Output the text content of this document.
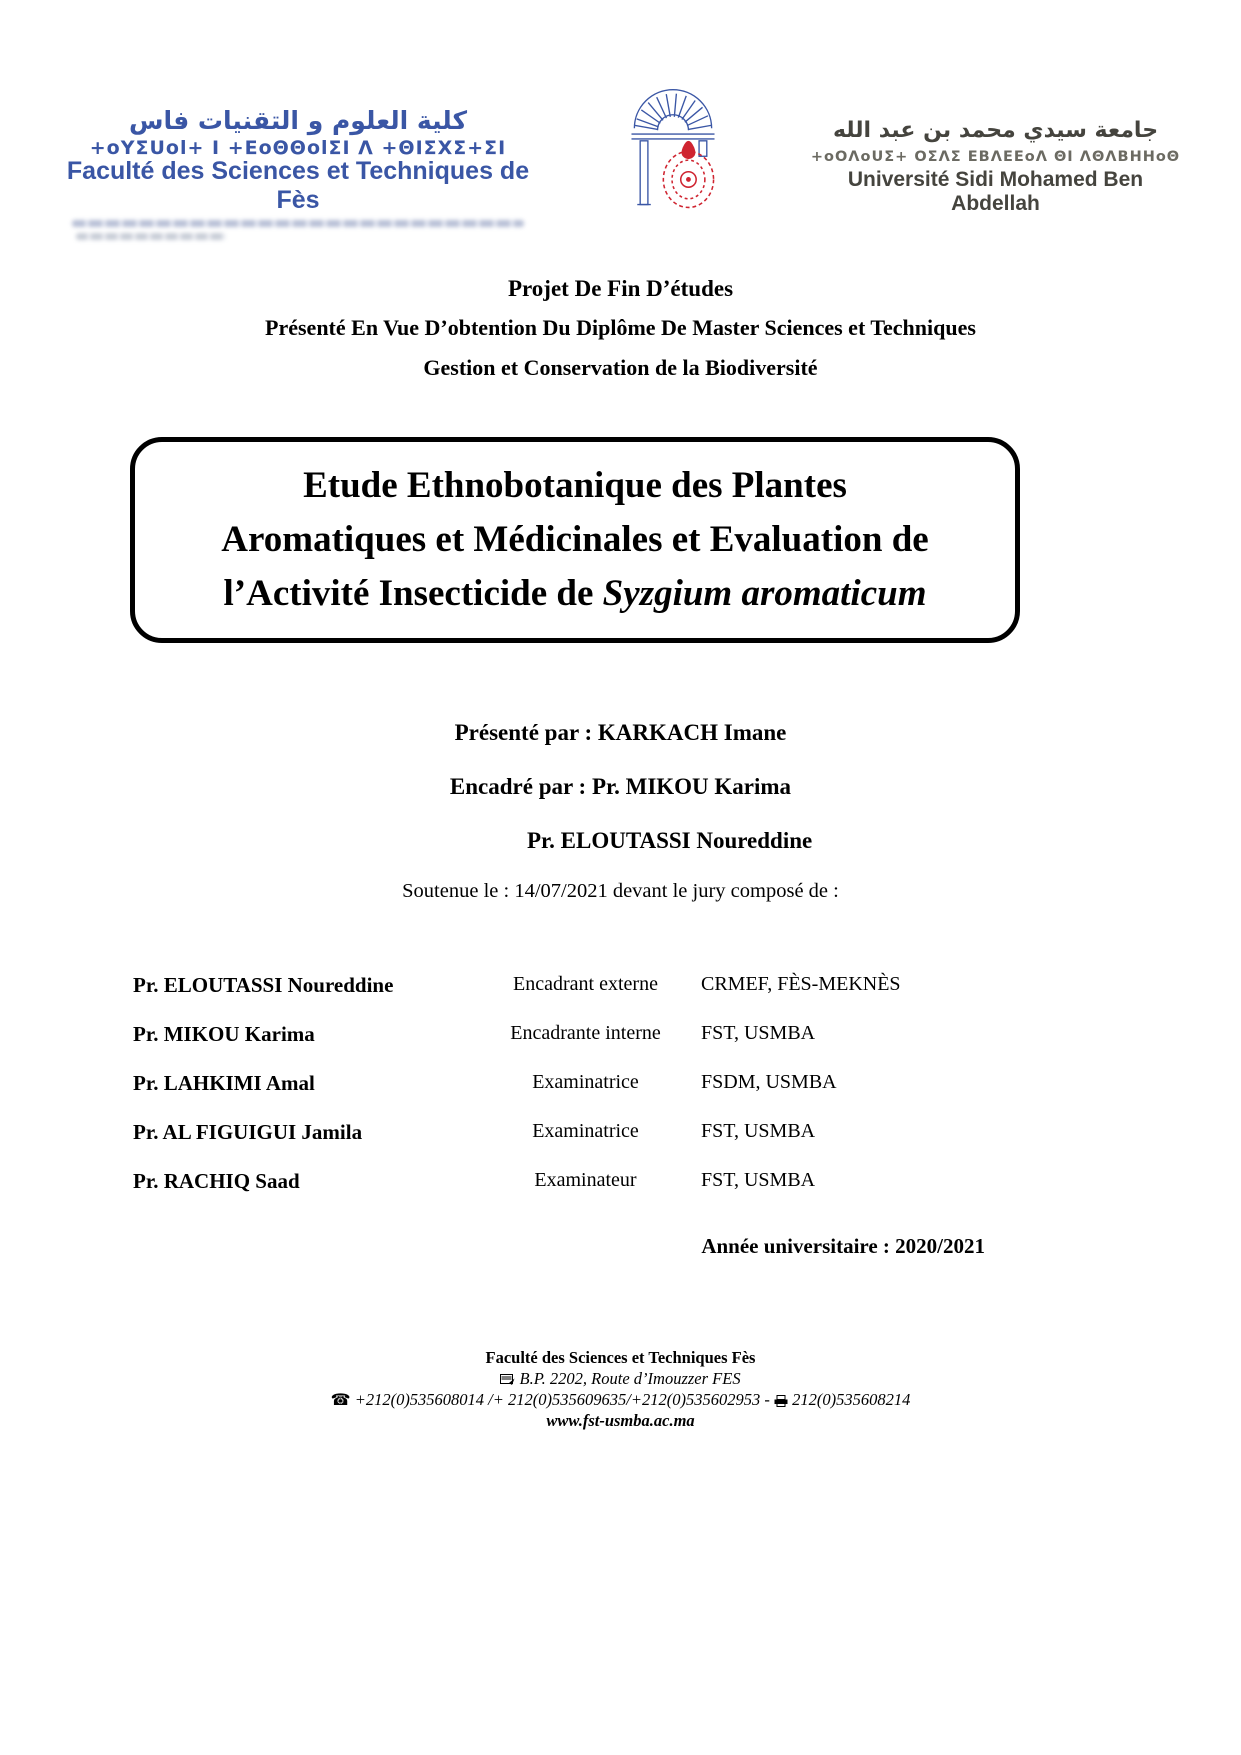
كلية العلوم و التقنيات فاس
+oYΣUol+ I +ΕoΘΘolΣI Λ +ΘΙΣΧΣ+ΣΙ
Faculté des Sciences et Techniques de Fès
جامعة سيدي محمد بن عبد الله
+oOΛoUΣ+ OΣΛΣ ΕΒΛΕΕoΛ ΘΙ ΛΘΛΒΗΗoΘ
Université Sidi Mohamed Ben Abdellah
Projet De Fin D’études
Présenté En Vue D’obtention Du Diplôme De Master Sciences et Techniques
Gestion et Conservation de la Biodiversité
Etude Ethnobotanique des Plantes
Aromatiques et Médicinales et Evaluation de
l’Activité Insecticide de Syzgium aromaticum
Présenté par : KARKACH Imane
Encadré par : Pr. MIKOU Karima
Pr. ELOUTASSI Noureddine
Soutenue le : 14/07/2021 devant le jury composé de :
Pr. ELOUTASSI Noureddine	Encadrant externe	CRMEF, FÈS-MEKNÈS
Pr. MIKOU Karima	Encadrante interne	FST, USMBA
Pr. LAHKIMI Amal	Examinatrice	FSDM, USMBA
Pr. AL FIGUIGUI Jamila	Examinatrice	FST, USMBA
Pr. RACHIQ Saad	Examinateur	FST, USMBA
Année universitaire : 2020/2021
Faculté des Sciences et Techniques Fès
B.P. 2202, Route d’Imouzzer FES
☎ +212(0)535608014 /+ 212(0)535609635/+212(0)535602953 - 212(0)535608214
www.fst-usmba.ac.ma
